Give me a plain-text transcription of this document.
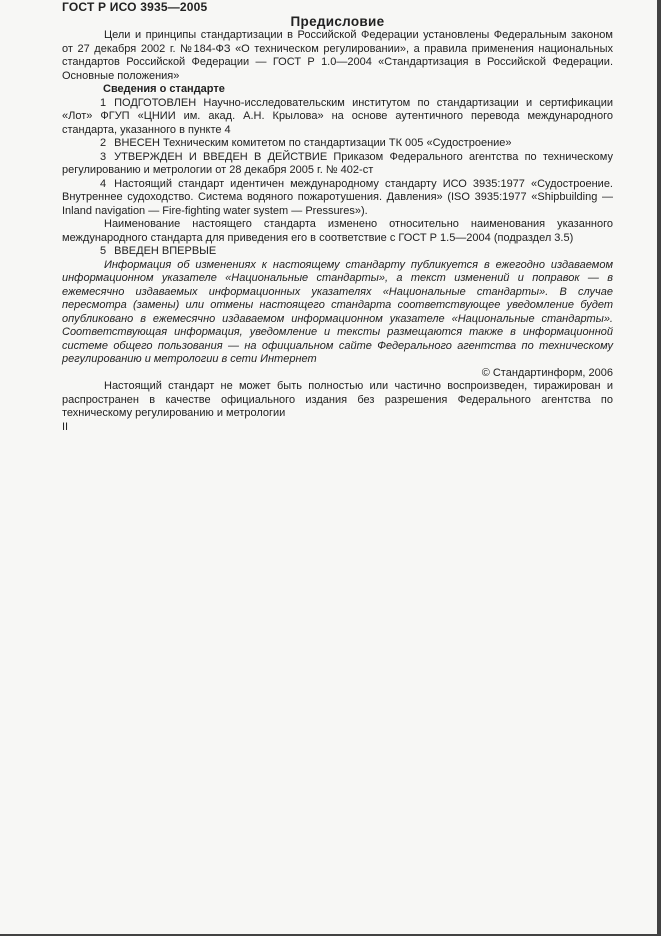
ГОСТ Р ИСО 3935—2005
Предисловие

Цели и принципы стандартизации в Российской Федерации установлены Федеральным законом от 27 декабря 2002 г. №184-ФЗ «О техническом регулировании», а правила применения национальных стандартов Российской Федерации — ГОСТ Р 1.0—2004 «Стандартизация в Российской Федерации. Основные положения»

Сведения о стандарте

1 ПОДГОТОВЛЕН Научно-исследовательским институтом по стандартизации и сертификации «Лот» ФГУП «ЦНИИ им. акад. А.Н. Крылова» на основе аутентичного перевода международного стандарта, указанного в пункте 4

2 ВНЕСЕН Техническим комитетом по стандартизации ТК 005 «Судостроение»

3 УТВЕРЖДЕН И ВВЕДЕН В ДЕЙСТВИЕ Приказом Федерального агентства по техническому регулированию и метрологии от 28 декабря 2005 г. № 402-ст

4 Настоящий стандарт идентичен международному стандарту ИСО 3935:1977 «Судостроение. Внутреннее судоходство. Система водяного пожаротушения. Давления» (ISO 3935:1977 «Shipbuilding — Inland navigation — Fire-fighting water system — Pressures»).

Наименование настоящего стандарта изменено относительно наименования указанного международного стандарта для приведения его в соответствие с ГОСТ Р 1.5—2004 (подраздел 3.5)

5 ВВЕДЕН ВПЕРВЫЕ

Информация об изменениях к настоящему стандарту публикуется в ежегодно издаваемом информационном указателе «Национальные стандарты», а текст изменений и поправок — в ежемесячно издаваемых информационных указателях «Национальные стандарты». В случае пересмотра (замены) или отмены настоящего стандарта соответствующее уведомление будет опубликовано в ежемесячно издаваемом информационном указателе «Национальные стандарты». Соответствующая информация, уведомление и тексты размещаются также в информационной системе общего пользования — на официальном сайте Федерального агентства по техническому регулированию и метрологии в сети Интернет

© Стандартинформ, 2006

Настоящий стандарт не может быть полностью или частично воспроизведен, тиражирован и распространен в качестве официального издания без разрешения Федерального агентства по техническому регулированию и метрологии

II
